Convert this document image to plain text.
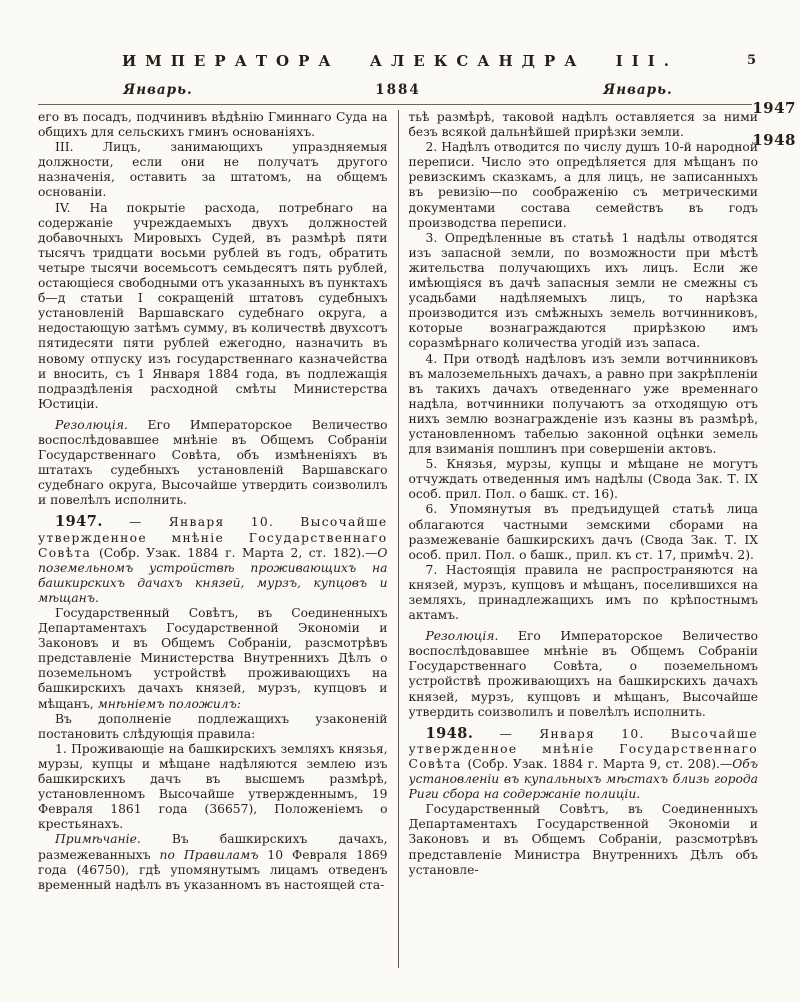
ИМПЕРАТОРА АЛЕКСАНДРА III.	5
Январь.	1884	Январь.
1947
1948

его въ посадъ, подчинивъ вѣдѣнію Гминнаго Суда на общихъ для сельскихъ гминъ основаніяхъ.

III. Лицъ, занимающихъ упраздняемыя должности, если они не получатъ другого назначенія, оставить за штатомъ, на общемъ основаніи.

IV. На покрытіе расхода, потребнаго на содержаніе учреждаемыхъ двухъ должностей добавочныхъ Мировыхъ Судей, въ размѣрѣ пяти тысячъ тридцати восьми рублей въ годъ, обратить четыре тысячи восемьсотъ семьдесятъ пять рублей, остающіеся свободными отъ указанныхъ въ пунктахъ б—д статьи I сокращеній штатовъ судебныхъ установленій Варшавскаго судебнаго округа, а недостающую затѣмъ сумму, въ количествѣ двухсотъ пятидесяти пяти рублей ежегодно, назначить въ новому отпуску изъ государственнаго казначейства и вносить, съ 1 Января 1884 года, въ подлежащія подраздѣленія расходной смѣты Министерства Юстиціи.

Резолюція. Его Императорское Величество воспослѣдовавшее мнѣніе въ Общемъ Собраніи Государственнаго Совѣта, объ измѣненіяхъ въ штатахъ судебныхъ установленій Варшавскаго судебнаго округа, Высочайше утвердить соизволилъ и повелѣлъ исполнить.

1947. — Января 10. Высочайше утвержденное мнѣніе Государственнаго Совѣта (Собр. Узак. 1884 г. Марта 2, ст. 182).—О поземельномъ устройствѣ проживающихъ на башкирскихъ дачахъ князей, мурзъ, купцовъ и мѣщанъ.

Государственный Совѣтъ, въ Соединенныхъ Департаментахъ Государственной Экономіи и Законовъ и въ Общемъ Собраніи, разсмотрѣвъ представленіе Министерства Внутреннихъ Дѣлъ о поземельномъ устройствѣ проживающихъ на башкирскихъ дачахъ князей, мурзъ, купцовъ и мѣщанъ, мнѣніемъ положилъ:

Въ дополненіе подлежащихъ узаконеній постановить слѣдующія правила:

1. Проживающіе на башкирскихъ земляхъ князья, мурзы, купцы и мѣщане надѣляются землею изъ башкирскихъ дачъ въ высшемъ размѣрѣ, установленномъ Высочайше утвержденнымъ, 19 Февраля 1861 года (36657), Положеніемъ о крестьянахъ.

Примѣчаніе. Въ башкирскихъ дачахъ, размежеванныхъ по Правиламъ 10 Февраля 1869 года (46750), гдѣ упомянутымъ лицамъ отведенъ временный надѣлъ въ указанномъ въ настоящей ста-

тьѣ размѣрѣ, таковой надѣлъ оставляется за ними безъ всякой дальнѣйшей прирѣзки земли.

2. Надѣлъ отводится по числу душъ 10-й народной переписи. Число это опредѣляется для мѣщанъ по ревизскимъ сказкамъ, а для лицъ, не записанныхъ въ ревизію—по соображенію съ метрическими документами состава семействъ въ годъ производства переписи.

3. Опредѣленные въ статьѣ 1 надѣлы отводятся изъ запасной земли, по возможности при мѣстѣ жительства получающихъ ихъ лицъ. Если же имѣющіяся въ дачѣ запасныя земли не смежны съ усадьбами надѣляемыхъ лицъ, то нарѣзка производится изъ смѣжныхъ земель вотчинниковъ, которые вознаграждаются прирѣзкою имъ соразмѣрнаго количества угодій изъ запаса.

4. При отводѣ надѣловъ изъ земли вотчинниковъ въ малоземельныхъ дачахъ, а равно при закрѣпленіи въ такихъ дачахъ отведеннаго уже временнаго надѣла, вотчинники получаютъ за отходящую отъ нихъ землю вознагражденіе изъ казны въ размѣрѣ, установленномъ табелью законной оцѣнки земель для взиманія пошлинъ при совершеніи актовъ.

5. Князья, мурзы, купцы и мѣщане не могутъ отчуждать отведенныя имъ надѣлы (Свода Зак. Т. IX особ. прил. Пол. о башк. ст. 16).

6. Упомянутыя въ предъидущей статьѣ лица облагаются частными земскими сборами на размежеваніе башкирскихъ дачъ (Свода Зак. Т. IX особ. прил. Пол. о башк., прил. къ ст. 17, примѣч. 2).

7. Настоящія правила не распространяются на князей, мурзъ, купцовъ и мѣщанъ, поселившихся на земляхъ, принадлежащихъ имъ по крѣпостнымъ актамъ.

Резолюція. Его Императорское Величество воспослѣдовавшее мнѣніе въ Общемъ Собраніи Государственнаго Совѣта, о поземельномъ устройствѣ проживающихъ на башкирскихъ дачахъ князей, мурзъ, купцовъ и мѣщанъ, Высочайше утвердить соизволилъ и повелѣлъ исполнить.

1948. — Января 10. Высочайше утвержденное мнѣніе Государственнаго Совѣта (Собр. Узак. 1884 г. Марта 9, ст. 208).—Объ установленіи въ купальныхъ мѣстахъ близь города Риги сбора на содержаніе полиціи.

Государственный Совѣтъ, въ Соединенныхъ Департаментахъ Государственной Экономіи и Законовъ и въ Общемъ Собраніи, разсмотрѣвъ представленіе Министра Внутреннихъ Дѣлъ объ установле-
